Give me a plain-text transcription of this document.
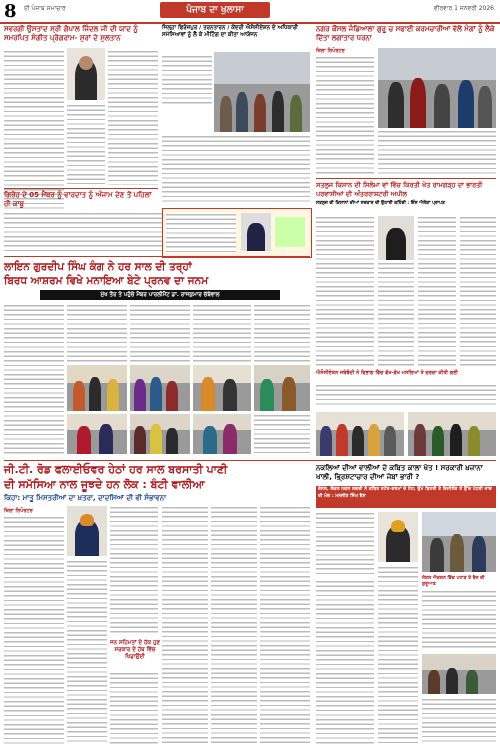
8 ਈ ਪੰਜਾਬ ਸਮਾਚਾਰ	ਪੰਜਾਬ ਦਾ ਖੁਲਾਸਾ	ਵੀਰਵਾਰ 1 ਜਨਵਰੀ 2026
ਸਵਰਗੀ ਉਸਤਾਦ ਸ੍ਰੀ ਗੋਪਾਲ ਜਿੰਦਲ ਜੀ ਦੀ ਯਾਦ ਨੂੰ ਸਮਰਪਿਤ ਸੰਗੀਤ ਪ੍ਰੋਗਰਾਮ- ਸੁਰਾਂ ਦੇ ਸੁਲਤਾਨ
ਗਿਰੋਹ ਦੇ 05 ਮੈਂਬਰ ਨੂੰ ਵਾਰਦਾਤ ਨੂੰ ਅੰਜਾਮ ਦੇਣ ਤੋਂ ਪਹਿਲਾਂ ਹੀ ਕਾਬੂ
ਜਿਲ੍ਹਾ ਫਿਰੋਜ਼ਪੁਰ / ਤਰਨਤਾਰਨ / ਕੇਂਦਰੀ ਐਸੋਸੀਏਸ਼ਨ ਦੇ ਅਧਿਕਾਰੀ ਸਮੱਸਿਆਵਾਂ ਨੂੰ ਲੈ ਕੇ ਮੀਟਿੰਗ ਦਾ ਕੀਤਾ ਆਯੋਜਨ
ਨਗਰ ਕੌਂਸਲ ਜੰਡਿਆਲਾ ਗੁਰੂ ਚ ਸਫਾਈ ਕਰਮਚਾਰੀਆਂ ਵੱਲੋਂ ਮੰਗਾਂ ਨੂੰ ਲੈਕੇ ਦਿੱਤਾ ਲਗਾਤਾਰ ਧਰਨਾ
ਜ਼ਿਲਾ ਰਿਪੋਰਟਰ
ਸਤਲੁਜ ਕਿਸਾਨ ਦੀ ਸਿਲੇਮਾ ਵਾਂ ਵਿੱਚ ਕਿਰਤੀ ਖੇਤ ਰਾਮਗੜ੍ਹ ਦਾ ਭਾਰਤੀ ਪਰਵਾਸੀਆਂ ਦੀ ਅੰਤਰਰਾਸ਼ਟਰੀ ਅਪੀਲ
ਸਤਲੁਜ ਦੀ ਕਿਸਾਨਾਂ ਦੀਆਂ ਸਰਕਾਰ ਦੀ ਉਠਾਈ ਕਹਿੰਦੀ : ਇੰਸ ਐਲੋਕਾ ਪ੍ਰਾਪਤ
ਲਾਇਨ ਗੁਰਦੀਪ ਸਿੰਘ ਕੰਗ ਨੇ ਹਰ ਸਾਲ ਦੀ ਤਰ੍ਹਾਂ
ਬਿਰਧ ਆਸ਼ਰਮ ਵਿਖੇ ਮਨਾਇਆ ਬੇਟੇ ਪ੍ਰਨਵ ਦਾ ਜਨਮ
ਮੁੱਖ ਤੌਰ ਤੇ ਪਹੁੰਚੇ ਮੈਂਬਰ ਪਾਰਲੀਮੈਂਟ ਡਾ. ਰਾਜਕੁਮਾਰ ਚੱਬੇਵਾਲ
ਐਸੋਸੀਏਸ਼ਨ ਜਥੇਬੰਦੀ ਨੇ ਵਿਭਾਗ ਵਿੱਚ ਵੱਖ-ਵੱਖ ਮਸਲਿਆਂ ਤੇ ਚਰਚਾ ਕੀਤੀ ਗਈ
ਜੀ.ਟੀ. ਰੋਡ ਫਲਾਈਓਵਰ ਹੇਠਾਂ ਹਰ ਸਾਲ ਬਰਸਾਤੀ ਪਾਣੀ
ਦੀ ਸਮੱਸਿਆ ਨਾਲ ਜੂਝਦੇ ਹਨ ਲੋਕ : ਬੰਟੀ ਵਾਲੀਆ
ਕਿਹਾ: ਮਾਤੂ ਮਿਸਤਰੀਆਂ ਦਾ ਖ਼ਤਰਾ, ਦਾਦਸਿਆਂ ਦੀ ਵੀ ਸੰਭਾਵਨਾ
ਜ਼ਿਲਾ ਰਿਪੋਰਟਰ
ਜਨ ਸਹਿਮਤਾਂ ਦੇ ਹੱਕ ਹੁਣ ਸਰਕਾਰ ਦੇ ਹੱਥ ਵਿੱਚ ਖਿਡਾਉਂਦੀ
ਨਕਲਿਆਂ ਦੀਆਂ ਵਾਲੀਆਂ ਦੇ ਕਬਿਤ ਕਾਲਾ ਖੋਤ ! ਸਰਕਾਰੀ ਖ਼ਜ਼ਾਨਾ ਖਾਲੀ, ਭ੍ਰਿਸ਼ਟਾਚਾਰ ਦੀਆਂ ਜੇਬਾਂ ਭਾਰੀ ?
ਜ਼ੋਨਲ, ਲੋਕਲ ਨਕਲ ਲਗਦੀ ਨੇ ਕਬਿਤ ਸਟੋਰ-ਫਰਮਾਂ ਦੇ ਹੇਠ; ਉਮੰ ਬਿਹਰੀ ਤੇ ਵਿਜੀਲੈਂਸ ਤੋਂ ਉੱਚ ਪੱਧਰੀ ਜਾਂਚ ਦੀ ਮੰਗ : ਮਨਜੀਤ ਸਿੰਘ ਬੈਸ
ਸੋਸ਼ਲ ਐਕਸ਼ਨ ਵਿੱਚ ਪਹਾੜ ਤੇ ਬੈਜ ਦੀ ਸ਼ੁਰੂਆਤ
